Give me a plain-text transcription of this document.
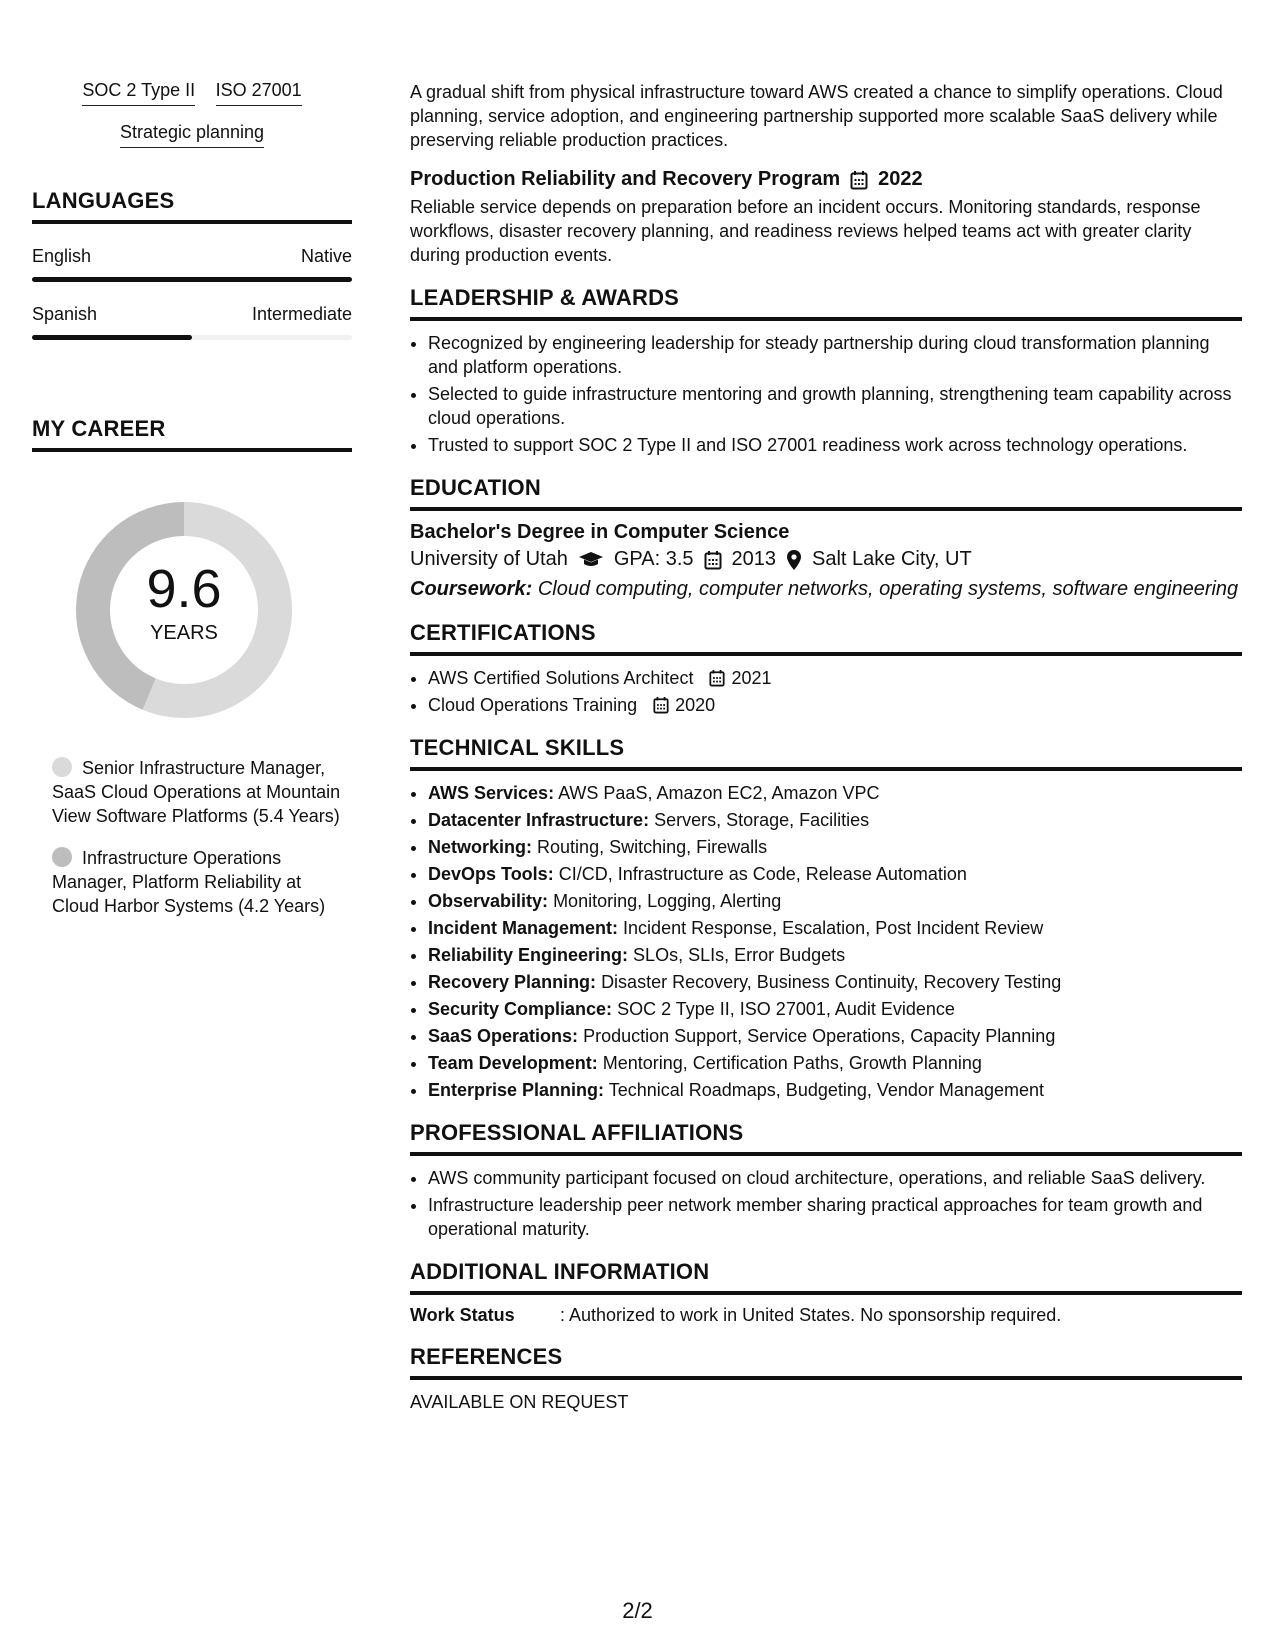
SOC 2 Type II ISO 27001
Strategic planning
LANGUAGES
English	Native
Spanish	Intermediate
MY CAREER
9.6
YEARS
Senior Infrastructure Manager, SaaS Cloud Operations at Mountain View Software Platforms (5.4 Years)
Infrastructure Operations Manager, Platform Reliability at Cloud Harbor Systems (4.2 Years)

A gradual shift from physical infrastructure toward AWS created a chance to simplify operations. Cloud planning, service adoption, and engineering partnership supported more scalable SaaS delivery while preserving reliable production practices.

Production Reliability and Recovery Program 2022

Reliable service depends on preparation before an incident occurs. Monitoring standards, response workflows, disaster recovery planning, and readiness reviews helped teams act with greater clarity during production events.

LEADERSHIP & AWARDS
• Recognized by engineering leadership for steady partnership during cloud transformation planning and platform operations.
• Selected to guide infrastructure mentoring and growth planning, strengthening team capability across cloud operations.
• Trusted to support SOC 2 Type II and ISO 27001 readiness work across technology operations.
EDUCATION
Bachelor's Degree in Computer Science
University of Utah GPA: 3.5 2013 Salt Lake City, UT
Coursework: Cloud computing, computer networks, operating systems, software engineering
CERTIFICATIONS
• AWS Certified Solutions Architect 2021
• Cloud Operations Training 2020
TECHNICAL SKILLS
• AWS Services: AWS PaaS, Amazon EC2, Amazon VPC
• Datacenter Infrastructure: Servers, Storage, Facilities
• Networking: Routing, Switching, Firewalls
• DevOps Tools: CI/CD, Infrastructure as Code, Release Automation
• Observability: Monitoring, Logging, Alerting
• Incident Management: Incident Response, Escalation, Post Incident Review
• Reliability Engineering: SLOs, SLIs, Error Budgets
• Recovery Planning: Disaster Recovery, Business Continuity, Recovery Testing
• Security Compliance: SOC 2 Type II, ISO 27001, Audit Evidence
• SaaS Operations: Production Support, Service Operations, Capacity Planning
• Team Development: Mentoring, Certification Paths, Growth Planning
• Enterprise Planning: Technical Roadmaps, Budgeting, Vendor Management
PROFESSIONAL AFFILIATIONS
• AWS community participant focused on cloud architecture, operations, and reliable SaaS delivery.
• Infrastructure leadership peer network member sharing practical approaches for team growth and operational maturity.
ADDITIONAL INFORMATION
Work Status	: Authorized to work in United States. No sponsorship required.
REFERENCES
AVAILABLE ON REQUEST
2/2
